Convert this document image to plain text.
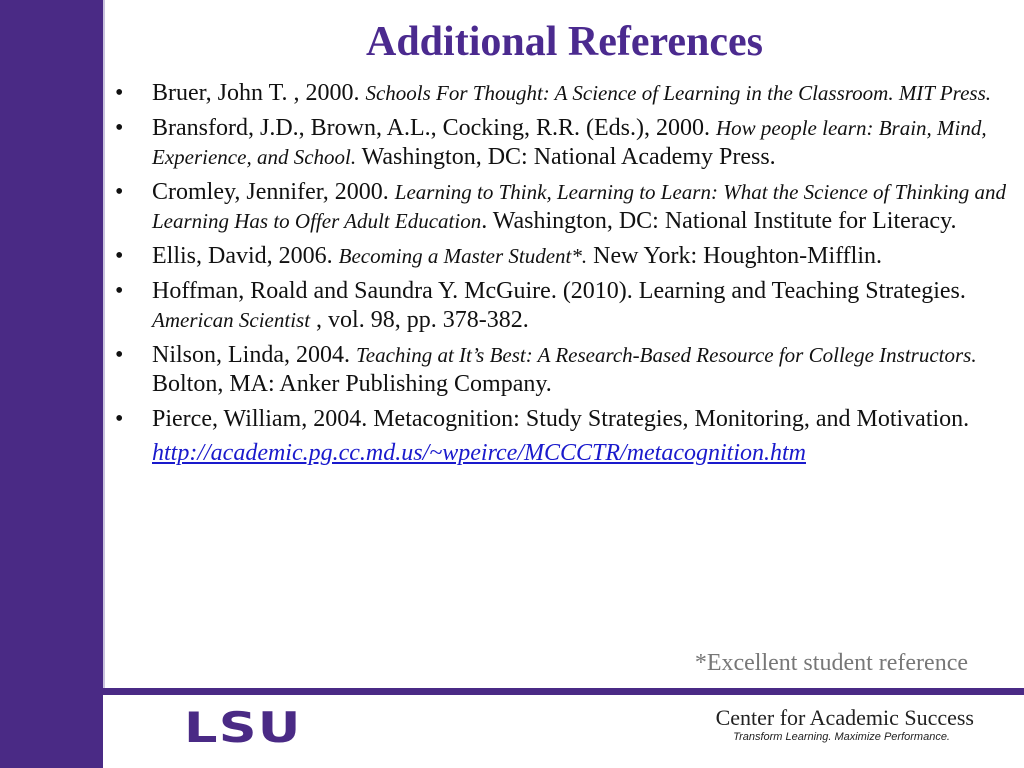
Additional References
• Bruer, John T. , 2000. Schools For Thought: A Science of Learning in the Classroom. MIT Press.
• Bransford, J.D., Brown, A.L., Cocking, R.R. (Eds.), 2000. How people learn: Brain, Mind, Experience, and School. Washington, DC: National Academy Press.
• Cromley, Jennifer, 2000. Learning to Think, Learning to Learn: What the Science of Thinking and Learning Has to Offer Adult Education. Washington, DC: National Institute for Literacy.
• Ellis, David, 2006. Becoming a Master Student*. New York: Houghton-Mifflin.
• Hoffman, Roald and Saundra Y. McGuire. (2010). Learning and Teaching Strategies. American Scientist , vol. 98, pp. 378-382.
• Nilson, Linda, 2004. Teaching at It’s Best: A Research-Based Resource for College Instructors. Bolton, MA: Anker Publishing Company.
• Pierce, William, 2004. Metacognition: Study Strategies, Monitoring, and Motivation.
http://academic.pg.cc.md.us/~wpeirce/MCCCTR/metacognition.htm
*Excellent student reference
LSU	Center for Academic Success
Transform Learning. Maximize Performance.
